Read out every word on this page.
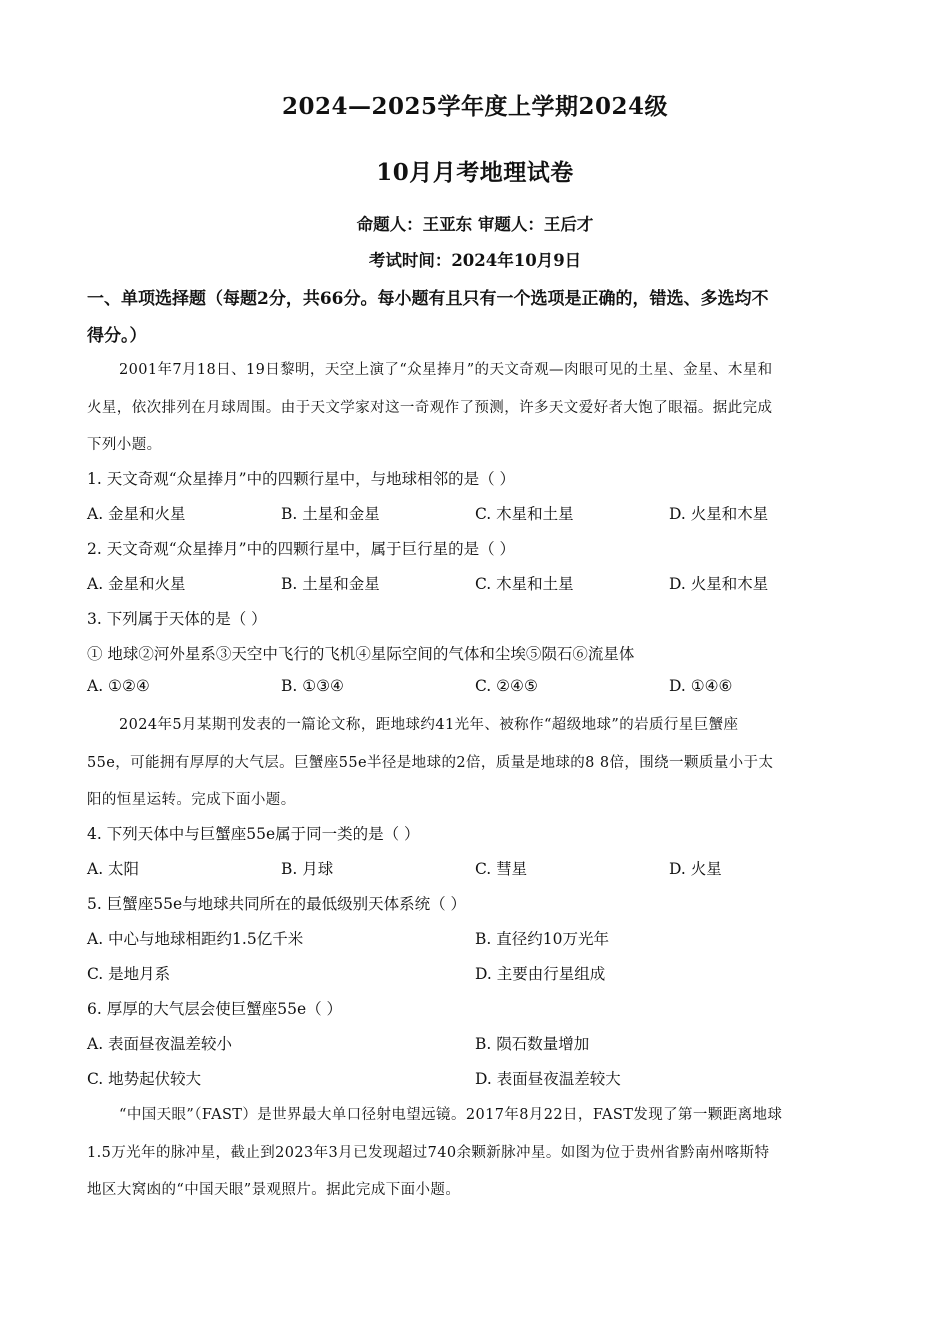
2024—2025学年度上学期2024级
10月月考地理试卷
命题人：王亚东 审题人：王后才
考试时间：2024年10月9日
一、单项选择题（每题2分，共66分。每小题有且只有一个选项是正确的，错选、多选均不
得分。）
2001年7月18日、19日黎明，天空上演了“众星捧月”的天文奇观—肉眼可见的土星、金星、木星和
火星，依次排列在月球周围。由于天文学家对这一奇观作了预测，许多天文爱好者大饱了眼福。据此完成
下列小题。
1. 天文奇观“众星捧月”中的四颗行星中，与地球相邻的是（ ）
A. 金星和火星	B. 土星和金星	C. 木星和土星	D. 火星和木星
2. 天文奇观“众星捧月”中的四颗行星中，属于巨行星的是（ ）
A. 金星和火星	B. 土星和金星	C. 木星和土星	D. 火星和木星
3. 下列属于天体的是（ ）
① 地球②河外星系③天空中飞行的飞机④星际空间的气体和尘埃⑤陨石⑥流星体
A. ①②④	B. ①③④	C. ②④⑤	D. ①④⑥
2024年5月某期刊发表的一篇论文称，距地球约41光年、被称作“超级地球”的岩质行星巨蟹座
55e，可能拥有厚厚的大气层。巨蟹座55e半径是地球的2倍，质量是地球的8 8倍，围绕一颗质量小于太
阳的恒星运转。完成下面小题。
4. 下列天体中与巨蟹座55e属于同一类的是（ ）
A. 太阳	B. 月球	C. 彗星	D. 火星
5. 巨蟹座55e与地球共同所在的最低级别天体系统（ ）
A. 中心与地球相距约1.5亿千米	B. 直径约10万光年
C. 是地月系	D. 主要由行星组成
6. 厚厚的大气层会使巨蟹座55e（ ）
A. 表面昼夜温差较小	B. 陨石数量增加
C. 地势起伏较大	D. 表面昼夜温差较大
“中国天眼”（FAST）是世界最大单口径射电望远镜。2017年8月22日，FAST发现了第一颗距离地球
1.5万光年的脉冲星，截止到2023年3月已发现超过740余颗新脉冲星。如图为位于贵州省黔南州喀斯特
地区大窝凼的“中国天眼”景观照片。据此完成下面小题。
